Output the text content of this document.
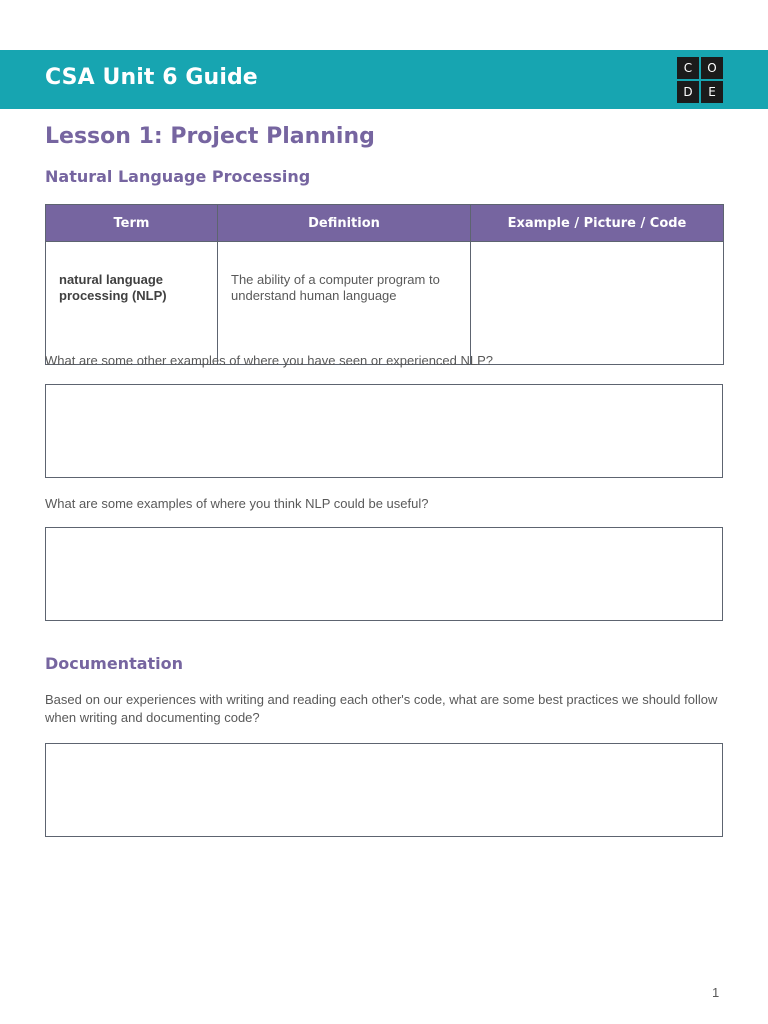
CSA Unit 6 Guide	C	O
D	E
Lesson 1: Project Planning
Natural Language Processing
Term	Definition	Example / Picture / Code
natural language processing (NLP)	The ability of a computer program to understand human language	
What are some other examples of where you have seen or experienced NLP?
What are some examples of where you think NLP could be useful?
Documentation
Based on our experiences with writing and reading each other's code, what are some best practices we should follow when writing and documenting code?
1
